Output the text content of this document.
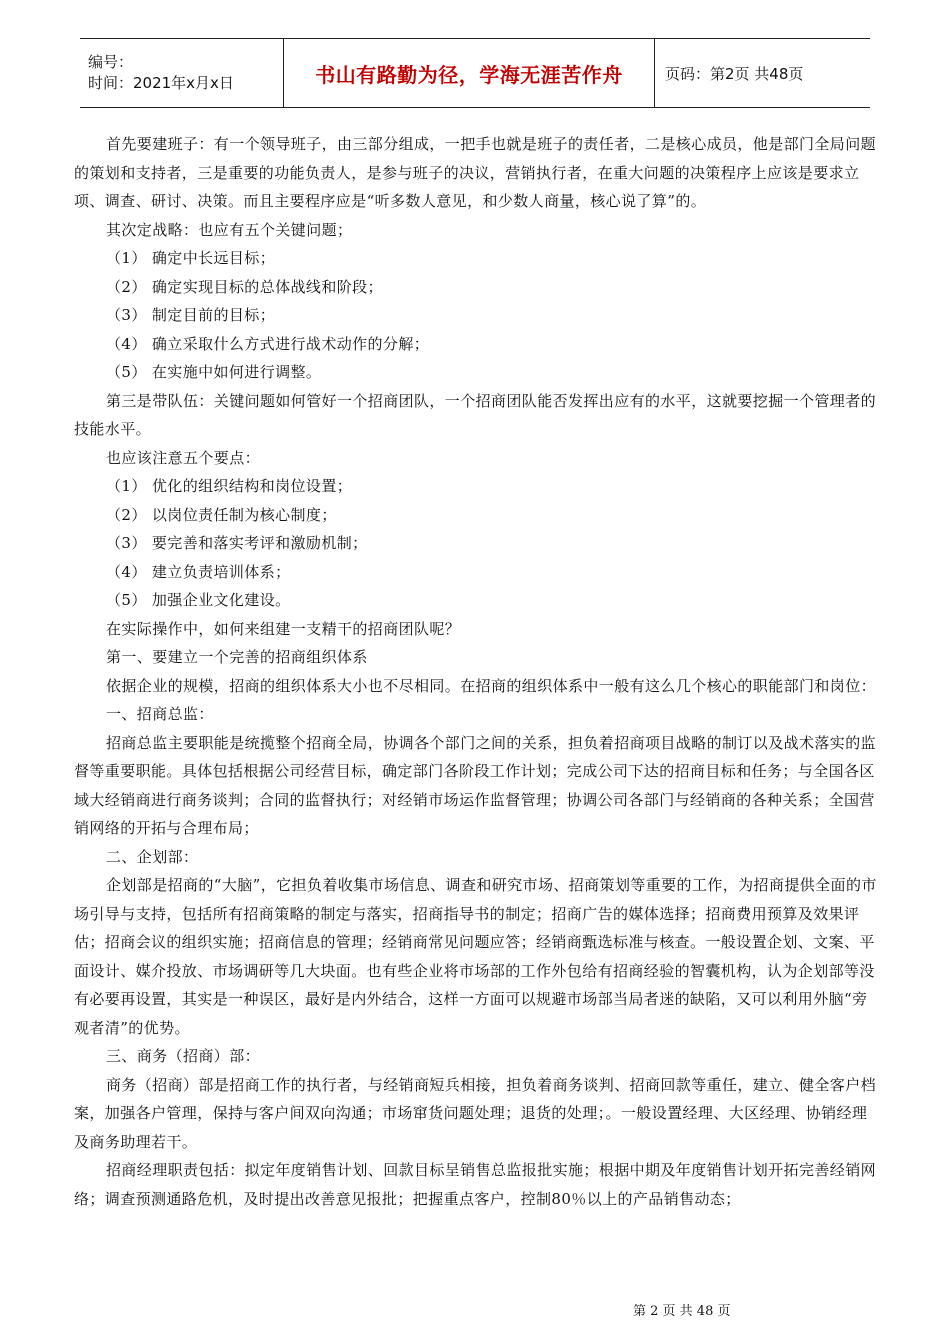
编号：
时间：2021年x月x日	书山有路勤为径，学海无涯苦作舟	页码：第2页 共48页

首先要建班子：有一个领导班子，由三部分组成，一把手也就是班子的责任者，二是核心成员，他是部门全局问题的策划和支持者，三是重要的功能负责人，是参与班子的决议，营销执行者，在重大问题的决策程序上应该是要求立项、调查、研讨、决策。而且主要程序应是“听多数人意见，和少数人商量，核心说了算”的。

其次定战略：也应有五个关键问题；

（1） 确定中长远目标；

（2） 确定实现目标的总体战线和阶段；

（3） 制定目前的目标；

（4） 确立采取什么方式进行战术动作的分解；

（5） 在实施中如何进行调整。

第三是带队伍：关键问题如何管好一个招商团队，一个招商团队能否发挥出应有的水平，这就要挖掘一个管理者的技能水平。

也应该注意五个要点：

（1） 优化的组织结构和岗位设置；

（2） 以岗位责任制为核心制度；

（3） 要完善和落实考评和激励机制；

（4） 建立负责培训体系；

（5） 加强企业文化建设。

在实际操作中，如何来组建一支精干的招商团队呢？

第一、要建立一个完善的招商组织体系

依据企业的规模，招商的组织体系大小也不尽相同。在招商的组织体系中一般有这么几个核心的职能部门和岗位：

一、招商总监：

招商总监主要职能是统揽整个招商全局，协调各个部门之间的关系，担负着招商项目战略的制订以及战术落实的监督等重要职能。具体包括根据公司经营目标，确定部门各阶段工作计划；完成公司下达的招商目标和任务；与全国各区域大经销商进行商务谈判；合同的监督执行；对经销市场运作监督管理；协调公司各部门与经销商的各种关系；全国营销网络的开拓与合理布局；

二、企划部：

企划部是招商的“大脑”，它担负着收集市场信息、调查和研究市场、招商策划等重要的工作，为招商提供全面的市场引导与支持，包括所有招商策略的制定与落实，招商指导书的制定；招商广告的媒体选择；招商费用预算及效果评估；招商会议的组织实施；招商信息的管理；经销商常见问题应答；经销商甄选标准与核查。一般设置企划、文案、平面设计、媒介投放、市场调研等几大块面。也有些企业将市场部的工作外包给有招商经验的智囊机构，认为企划部等没有必要再设置，其实是一种误区，最好是内外结合，这样一方面可以规避市场部当局者迷的缺陷，又可以利用外脑“旁观者清”的优势。

三、商务（招商）部：

商务（招商）部是招商工作的执行者，与经销商短兵相接，担负着商务谈判、招商回款等重任，建立、健全客户档案，加强各户管理，保持与客户间双向沟通；市场窜货问题处理；退货的处理；。一般设置经理、大区经理、协销经理及商务助理若干。

招商经理职责包括：拟定年度销售计划、回款目标呈销售总监报批实施；根据中期及年度销售计划开拓完善经销网络；调查预测通路危机，及时提出改善意见报批；把握重点客户，控制80％以上的产品销售动态；

第 2 页 共 48 页
